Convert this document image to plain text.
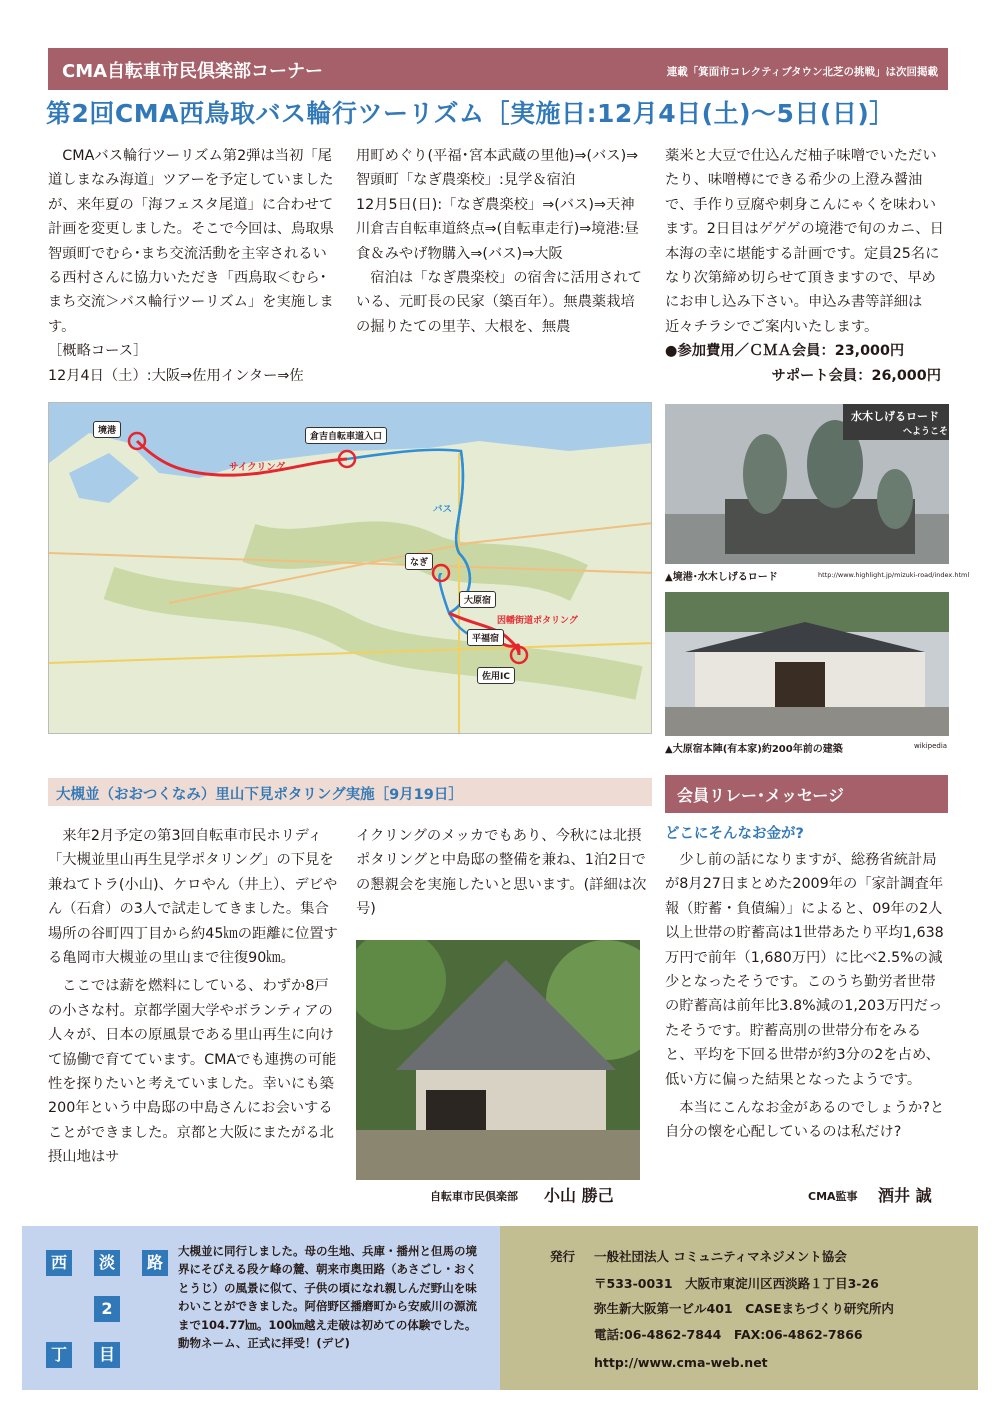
CMA自転車市民倶楽部コーナー	連載「箕面市コレクティブタウン北芝の挑戦」は次回掲載
第2回CMA西鳥取バス輪行ツーリズム［実施日:12月4日(土)～5日(日)］

CMAバス輪行ツーリズム第2弾は当初「尾道しまなみ海道」ツアーを予定していましたが、来年夏の「海フェスタ尾道」に合わせて計画を変更しました。そこで今回は、鳥取県智頭町でむら･まち交流活動を主宰されるいる西村さんに協力いただき「西鳥取＜むら･まち交流＞バス輪行ツーリズム」を実施します。

［概略コース］

12月4日（土）:大阪⇒佐用インター⇒佐

用町めぐり(平福･宮本武蔵の里他)⇒(バス)⇒智頭町「なぎ農楽校」:見学＆宿泊

12月5日(日):「なぎ農楽校」⇒(バス)⇒天神川倉吉自転車道終点⇒(自転車走行)⇒境港:昼食＆みやげ物購入⇒(バス)⇒大阪

宿泊は「なぎ農楽校」の宿舎に活用されている、元町長の民家（築百年）。無農薬栽培の掘りたての里芋、大根を、無農

薬米と大豆で仕込んだ柚子味噌でいただいたり、味噌樽にできる希少の上澄み醤油で、手作り豆腐や刺身こんにゃくを味わいます。2日目はゲゲゲの境港で旬のカニ、日本海の幸に堪能する計画です。定員25名になり次第締め切らせて頂きますので、早めにお申し込み下さい。申込み書等詳細は近々チラシでご案内いたします。

●参加費用／ＣＭＡ会員：23,000円
サポート会員：26,000円
境港
倉吉自転車道入口
サイクリング
バス
なぎ
大原宿
平福宿
佐用IC
因幡街道ポタリング
水木しげるロード
へようこそ
▲境港･水木しげるロード	http://www.highlight.jp/mizuki-road/index.html
▲大原宿本陣(有本家)約200年前の建築	wikipedia
大槻並（おおつくなみ）里山下見ポタリング実施［9月19日］

来年2月予定の第3回自転車市民ホリディ「大槻並里山再生見学ポタリング」の下見を兼ねてトラ(小山)、ケロやん（井上）、デビやん（石倉）の3人で試走してきました。集合場所の谷町四丁目から約45㎞の距離に位置する亀岡市大槻並の里山まで往復90㎞。

ここでは薪を燃料にしている、わずか8戸の小さな村。京都学園大学やボランティアの人々が、日本の原風景である里山再生に向けて協働で育てています。CMAでも連携の可能性を探りたいと考えていました。幸いにも築200年という中島邸の中島さんにお会いすることができました。京都と大阪にまたがる北摂山地はサ

イクリングのメッカでもあり、今秋には北摂ポタリングと中島邸の整備を兼ね、1泊2日での懇親会を実施したいと思います。(詳細は次号)

自転車市民倶楽部 小山 勝己
会員リレー･メッセージ
どこにそんなお金が?

少し前の話になりますが、総務省統計局が8月27日まとめた2009年の「家計調査年報（貯蓄・負債編）」によると、09年の2人以上世帯の貯蓄高は1世帯あたり平均1,638万円で前年（1,680万円）に比べ2.5%の減少となったそうです。このうち勤労者世帯の貯蓄高は前年比3.8%減の1,203万円だったそうです。貯蓄高別の世帯分布をみると、平均を下回る世帯が約3分の2を占め、低い方に偏った結果となったようです。

本当にこんなお金があるのでしょうか?と自分の懐を心配しているのは私だけ?

CMA監事 酒井 誠
西	淡	路
2
丁	目

大槻並に同行しました。母の生地、兵庫・播州と但馬の境界にそびえる段ケ峰の麓、朝来市奥田路（あさごし・おくとうじ）の風景に似て、子供の頃になれ親しんだ野山を味わいことができました。阿倍野区播磨町から安威川の源流まで104.77㎞。100㎞越え走破は初めての体験でした。動物ネーム、正式に拝受！(デビ)

発行 一般社団法人 コミュニティマネジメント協会
〒533-0031　大阪市東淀川区西淡路１丁目3-26
弥生新大阪第一ビル401　CASEまちづくり研究所内
電話:06-4862-7844　FAX:06-4862-7866
http://www.cma-web.net
